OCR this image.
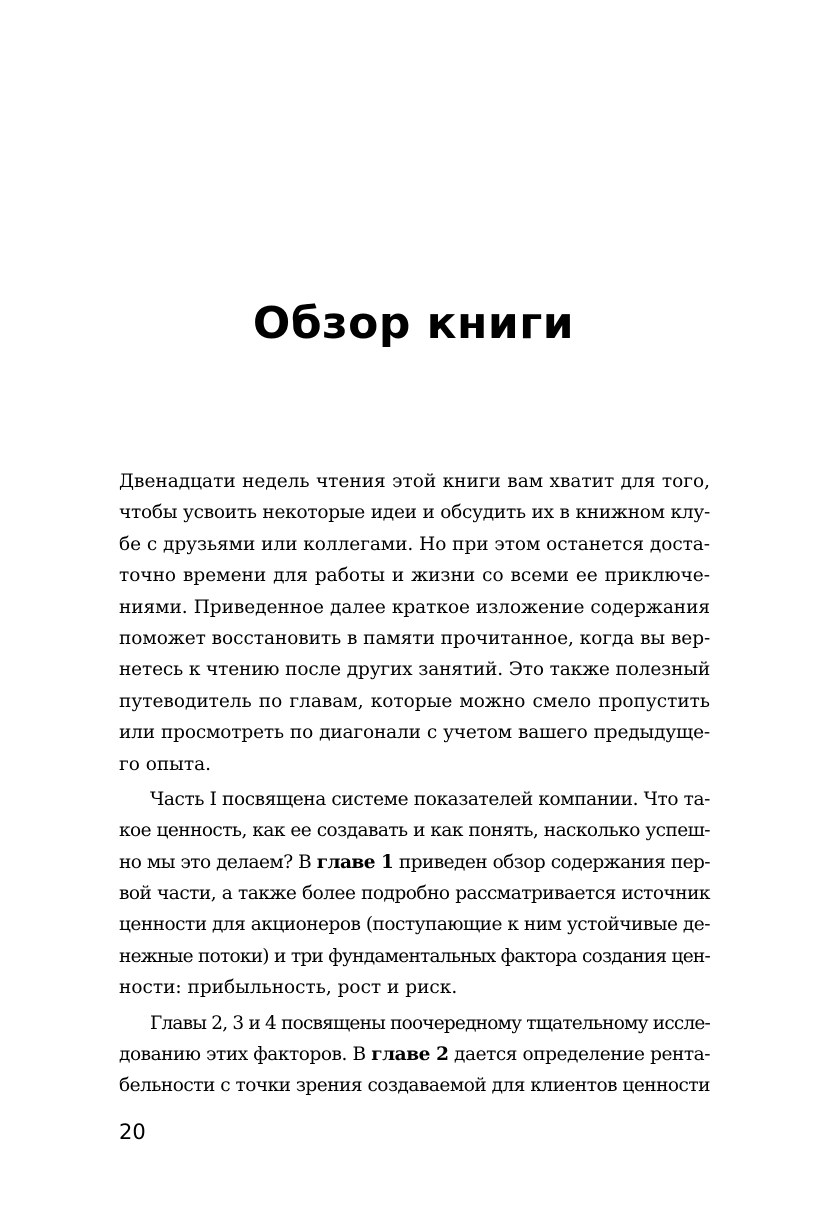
Обзор книги
Двенадцати недель чтения этой книги вам хватит для того,
чтобы усвоить некоторые идеи и обсудить их в книжном клу-
бе с друзьями или коллегами. Но при этом останется доста-
точно времени для работы и жизни со всеми ее приключе-
ниями. Приведенное далее краткое изложение содержания
поможет восстановить в памяти прочитанное, когда вы вер-
нетесь к чтению после других занятий. Это также полезный
путеводитель по главам, которые можно смело пропустить
или просмотреть по диагонали с учетом вашего предыдуще-
го опыта.
Часть I посвящена системе показателей компании. Что та-
кое ценность, как ее создавать и как понять, насколько успеш-
но мы это делаем? В главе 1 приведен обзор содержания пер-
вой части, а также более подробно рассматривается источник
ценности для акционеров (поступающие к ним устойчивые де-
нежные потоки) и три фундаментальных фактора создания цен-
ности: прибыльность, рост и риск.
Главы 2, 3 и 4 посвящены поочередному тщательному иссле-
дованию этих факторов. В главе 2 дается определение рента-
бельности с точки зрения создаваемой для клиентов ценности
20
